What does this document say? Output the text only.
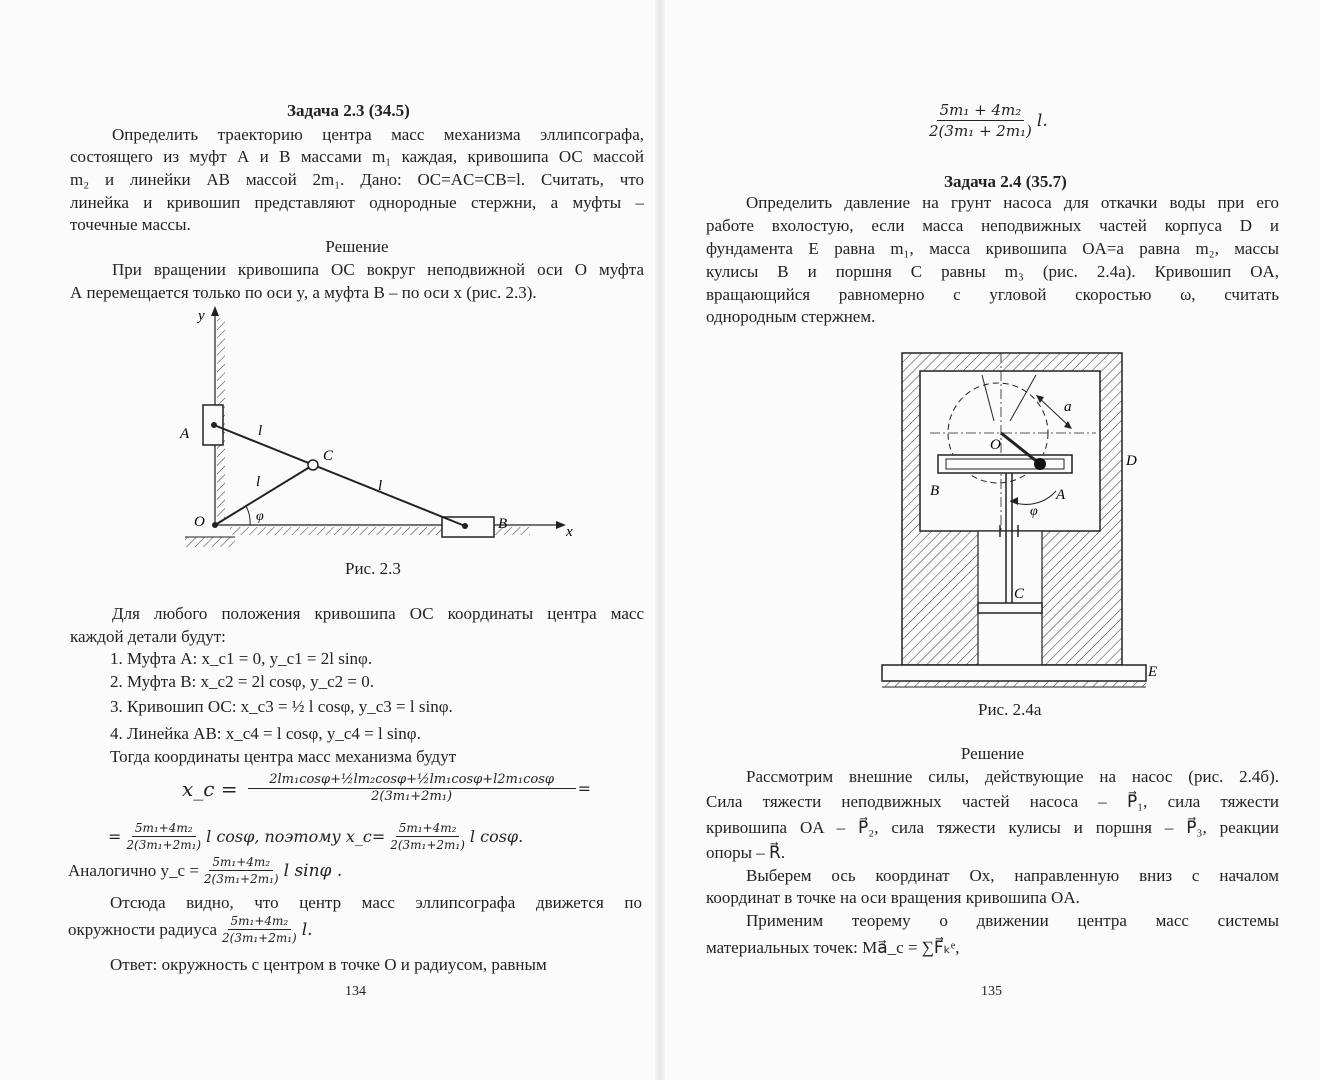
Задача 2.3 (34.5)
Определить траекторию центра масс механизма эллипсографа,
состоящего из муфт А и В массами m₁ каждая, кривошипа ОС массой
m₂ и линейки АВ массой 2m₁. Дано: OC=AC=CB=l. Считать, что
линейка и кривошип представляют однородные стержни, а муфты –
точечные массы.
Решение
При вращении кривошипа ОС вокруг неподвижной оси О муфта
А перемещается только по оси y, а муфта В – по оси x (рис. 2.3).
y
x
A
B
C
O
l
l
l
φ
Рис. 2.3
Для любого положения кривошипа ОС координаты центра масс
каждой детали будут:
1. Муфта А: x_c1 = 0, y_c1 = 2l sinφ.
2. Муфта В: x_c2 = 2l cosφ, y_c2 = 0.
3. Кривошип ОС: x_c3 = ½ l cosφ, y_c3 = l sinφ.
4. Линейка АВ: x_c4 = l cosφ, y_c4 = l sinφ.
Тогда координаты центра масс механизма будут
x_c = $\frac{\text{2lm₁cosφ+½lm₂cosφ+½lm₁cosφ+l2m₁cosφ}}{\text{2(3m₁+2m₁)}}$ =
= $\frac{\text{5m₁+4m₂}}{\text{2(3m₁+2m₁)}}$ l cosφ, поэтому x_c= $\frac{\text{5m₁+4m₂}}{\text{2(3m₁+2m₁)}}$ l cosφ.
Аналогично y_c = $\frac{\text{5m₁+4m₂}}{\text{2(3m₁+2m₁)}}$ l sinφ .
Отсюда видно, что центр масс эллипсографа движется по
окружности радиуса $\frac{\text{5m₁+4m₂}}{\text{2(3m₁+2m₁)}} l$.
Ответ: окружность с центром в точке О и радиусом, равным
134
$\frac{\text{5m₁ + 4m₂}}{\text{2(3m₁ + 2m₁)}} l$.
Задача 2.4 (35.7)
Определить давление на грунт насоса для откачки воды при его
работе вхолостую, если масса неподвижных частей корпуса D и
фундамента E равна m₁, масса кривошипа OA=a равна m₂, массы
кулисы B и поршня C равны m₃ (рис. 2.4а). Кривошип OA,
вращающийся равномерно с угловой скоростью ω, считать
однородным стержнем.
a
O
D
B	A
φ
C
E
Рис. 2.4а
Решение
Рассмотрим внешние силы, действующие на насос (рис. 2.4б).
Сила тяжести неподвижных частей насоса – P⃗₁, сила тяжести
кривошипа OA – P⃗₂, сила тяжести кулисы и поршня – P⃗₃, реакции
опоры – R⃗.
Выберем ось координат Ox, направленную вниз с началом
координат в точке на оси вращения кривошипа OA.
Применим теорему о движении центра масс системы
материальных точек: Ma⃗_c = ∑F⃗ₖᵉ,
135
